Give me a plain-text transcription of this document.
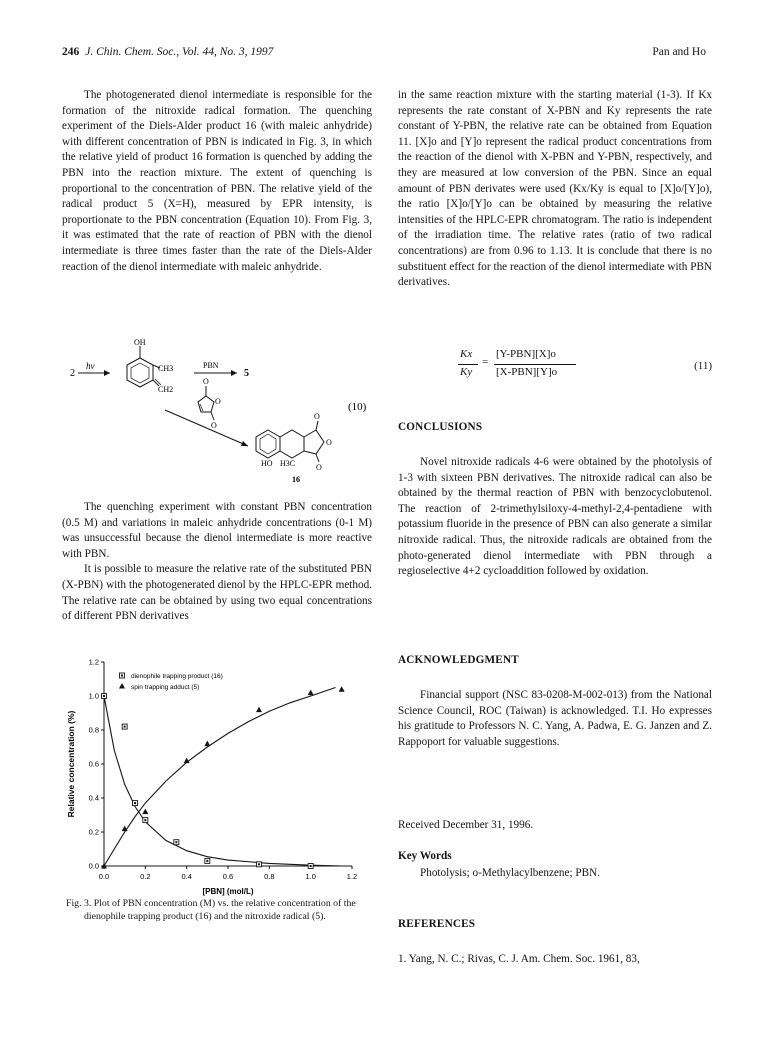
246 J. Chin. Chem. Soc., Vol. 44, No. 3, 1997	Pan and Ho

The photogenerated dienol intermediate is responsible for the formation of the nitroxide radical formation. The quenching experiment of the Diels-Alder product 16 (with maleic anhydride) with different concentration of PBN is indicated in Fig. 3, in which the relative yield of product 16 formation is quenched by adding the PBN into the reaction mixture. The extent of quenching is proportional to the concentration of PBN. The relative yield of the radical product 5 (X=H), measured by EPR intensity, is proportionate to the PBN concentration (Equation 10). From Fig. 3, it was estimated that the rate of reaction of PBN with the dienol intermediate is three times faster than the rate of the Diels-Alder reaction of the dienol intermediate with maleic anhydride.

2
hν
OH
CH3
CH2
PBN
5
O
O
O
O
O
O
HO H3C
16
(10)

The quenching experiment with constant PBN concentration (0.5 M) and variations in maleic anhydride concentrations (0-1 M) was unsuccessful because the dienol intermediate is more reactive with PBN.

It is possible to measure the relative rate of the substituted PBN (X-PBN) with the photogenerated dienol by the HPLC-EPR method. The relative rate can be obtained by using two equal concentrations of different PBN derivatives

0.0	0.2	0.4	0.6	0.8	1.0	1.2
0.0
0.2
0.4
0.6
0.8
1.0
1.2
[PBN] (mol/L)
Relative concentration (%)
dienophile trapping product (16)
spin trapping adduct (5)
Fig. 3. Plot of PBN concentration (M) vs. the relative concentration of the dienophile trapping product (16) and the nitroxide radical (5).

in the same reaction mixture with the starting material (1-3). If Kx represents the rate constant of X-PBN and Ky represents the rate constant of Y-PBN, the relative rate can be obtained from Equation 11. [X]o and [Y]o represent the radical product concentrations from the reaction of the dienol with X-PBN and Y-PBN, respectively, and they are measured at low conversion of the PBN. Since an equal amount of PBN derivates were used (Kx/Ky is equal to [X]o/[Y]o), the ratio [X]o/[Y]o can be obtained by measuring the relative intensities of the HPLC-EPR chromatogram. The ratio is independent of the irradiation time. The relative rates (ratio of two radical concentrations) are from 0.96 to 1.13. It is conclude that there is no substituent effect for the reaction of the dienol intermediate with PBN derivatives.

Kx
Ky
=
[Y-PBN][X]o
[X-PBN][Y]o	(11)
CONCLUSIONS

Novel nitroxide radicals 4-6 were obtained by the photolysis of 1-3 with sixteen PBN derivatives. The nitroxide radical can also be obtained by the thermal reaction of PBN with benzocyclobutenol. The reaction of 2-trimethylsiloxy-4-methyl-2,4-pentadiene with potassium fluoride in the presence of PBN can also generate a similar nitroxide radical. Thus, the nitroxide radicals are obtained from the photo-generated dienol intermediate with PBN through a regioselective 4+2 cycloaddition followed by oxidation.

ACKNOWLEDGMENT

Financial support (NSC 83-0208-M-002-013) from the National Science Council, ROC (Taiwan) is acknowledged. T.I. Ho expresses his gratitude to Professors N. C. Yang, A. Padwa, E. G. Janzen and Z. Rappoport for valuable suggestions.

Received December 31, 1996.
Key Words
Photolysis; o-Methylacylbenzene; PBN.
REFERENCES
1. Yang, N. C.; Rivas, C. J. Am. Chem. Soc. 1961, 83,
